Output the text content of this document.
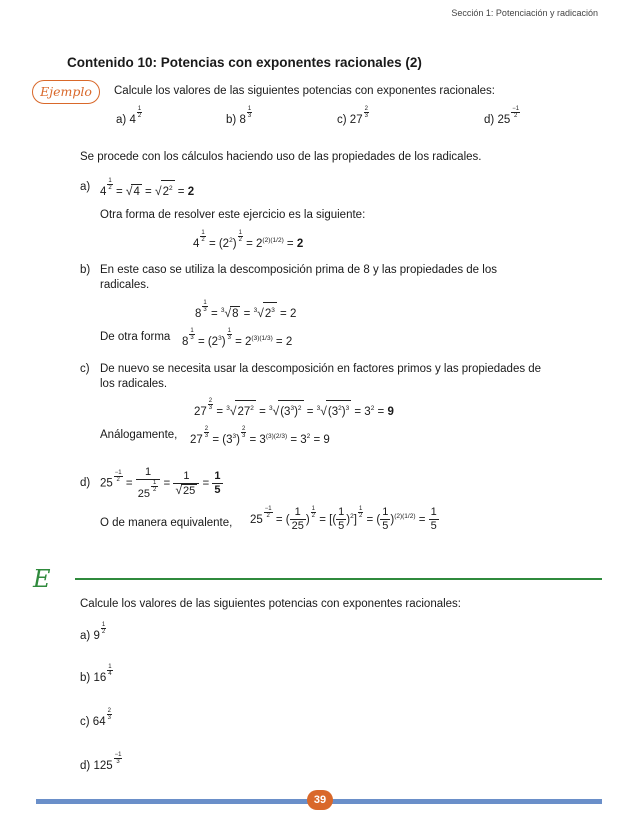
Sección 1: Potenciación y radicación
Contenido 10: Potencias con exponentes racionales (2)
Ejemplo	Calcule los valores de las siguientes potencias con exponentes racionales:
a) 4
$\frac{1}{2}$
b) 8
$\frac{1}{3}$
c) 27
$\frac{2}{3}$
d) 25
$\frac{-1}{2}$
Se procede con los cálculos haciendo uso de las propiedades de los radicales.
a) 4
$\frac{1}{2}$
= $√4 = √2^2 = 2$
Otra forma de resolver este ejercicio es la siguiente:
4
$\frac{1}{2}$
= $(2^2)$
$\frac{1}{2}$
= $2^{(2)(1/2)} = 2$
b) En este caso se utiliza la descomposición prima de 8 y las propiedades de los
radicales.
8
$\frac{1}{3}$
= $^3√8 = ^3√2^3 = 2$
De otra forma 8
$\frac{1}{3}$
= $(2^3)$
$\frac{1}{3}$
= $2^{(3)(1/3)} = 2$
c) De nuevo se necesita usar la descomposición en factores primos y las propiedades de
los radicales.
27
$\frac{2}{3}$
= $^3√27^2 = ^3√(3^3)^2 = ^3√(3^2)^3 = 3^2 = 9$
Análogamente, 27
$\frac{2}{3}$
= $(3^3)$
$\frac{2}{3}$
= $3^{(3)(2/3)} = 3^2 = 9$
d) 25
$\frac{-1}{2}$
= 1
25
$\frac{1}{2} = \frac{1}{√25} = \frac{1}{5}$
O de manera equivalente, 25
$\frac{-1}{2}$
= ( $\frac{1}{25}$ )
$\frac{1}{2}$
= [( $\frac{1}{5} )^2$]
$\frac{1}{2}$
= ( $\frac{1}{5} )^{(2)(1/2)} = \frac{1}{5}$
E
Calcule los valores de las siguientes potencias con exponentes racionales:
a) 9
$\frac{1}{2}$
b) 16
$\frac{1}{4}$
c) 64
$\frac{2}{3}$
d) 125
$\frac{-1}{3}$
39
